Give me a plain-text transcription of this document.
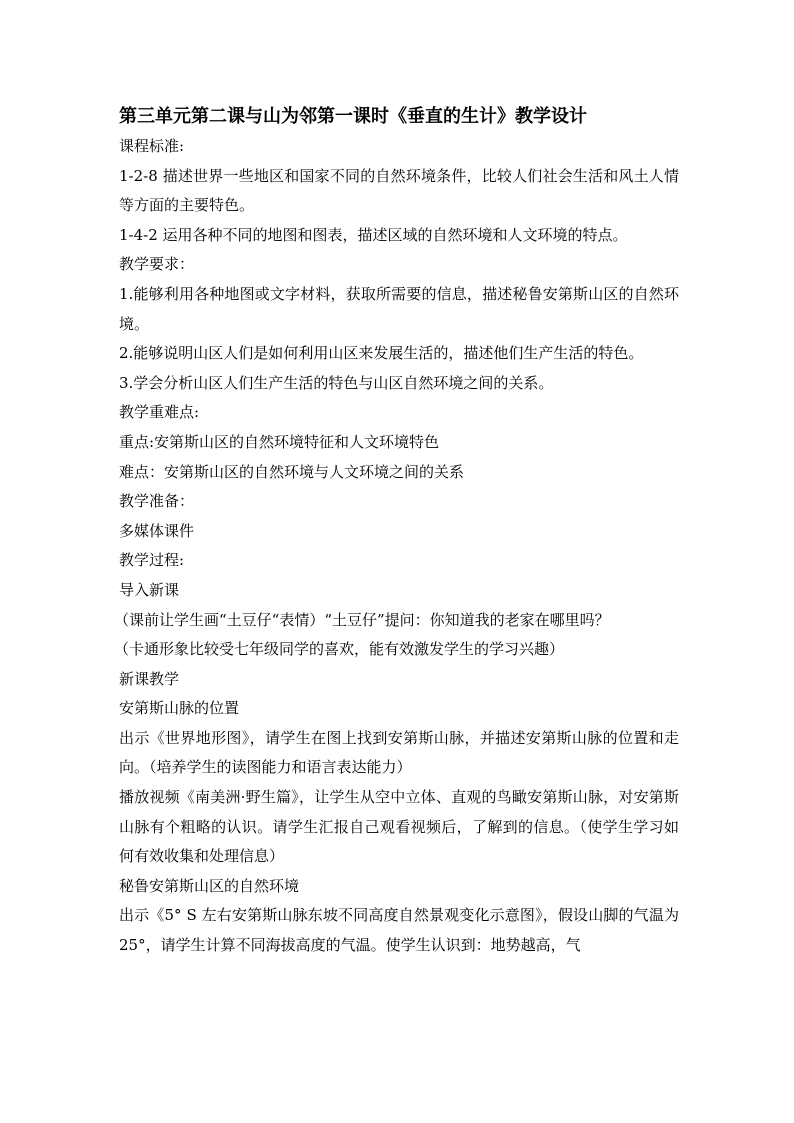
第三单元第二课与山为邻第一课时《垂直的生计》教学设计

课程标准:

1-2-8 描述世界一些地区和国家不同的自然环境条件，比较人们社会生活和风土人情等方面的主要特色。

1-4-2 运用各种不同的地图和图表，描述区域的自然环境和人文环境的特点。

教学要求：

1.能够利用各种地图或文字材料，获取所需要的信息，描述秘鲁安第斯山区的自然环境。

2.能够说明山区人们是如何利用山区来发展生活的，描述他们生产生活的特色。

3.学会分析山区人们生产生活的特色与山区自然环境之间的关系。

教学重难点:

重点:安第斯山区的自然环境特征和人文环境特色

难点：安第斯山区的自然环境与人文环境之间的关系

教学准备：

多媒体课件

教学过程:

导入新课

（课前让学生画“土豆仔“表情）“土豆仔”提问：你知道我的老家在哪里吗？

（卡通形象比较受七年级同学的喜欢，能有效激发学生的学习兴趣）

新课教学

安第斯山脉的位置

出示《世界地形图》，请学生在图上找到安第斯山脉，并描述安第斯山脉的位置和走向。（培养学生的读图能力和语言表达能力）

播放视频《南美洲·野生篇》，让学生从空中立体、直观的鸟瞰安第斯山脉，对安第斯山脉有个粗略的认识。请学生汇报自己观看视频后，了解到的信息。（使学生学习如何有效收集和处理信息）

秘鲁安第斯山区的自然环境

出示《5° S 左右安第斯山脉东坡不同高度自然景观变化示意图》，假设山脚的气温为 25°，请学生计算不同海拔高度的气温。使学生认识到：地势越高，气
